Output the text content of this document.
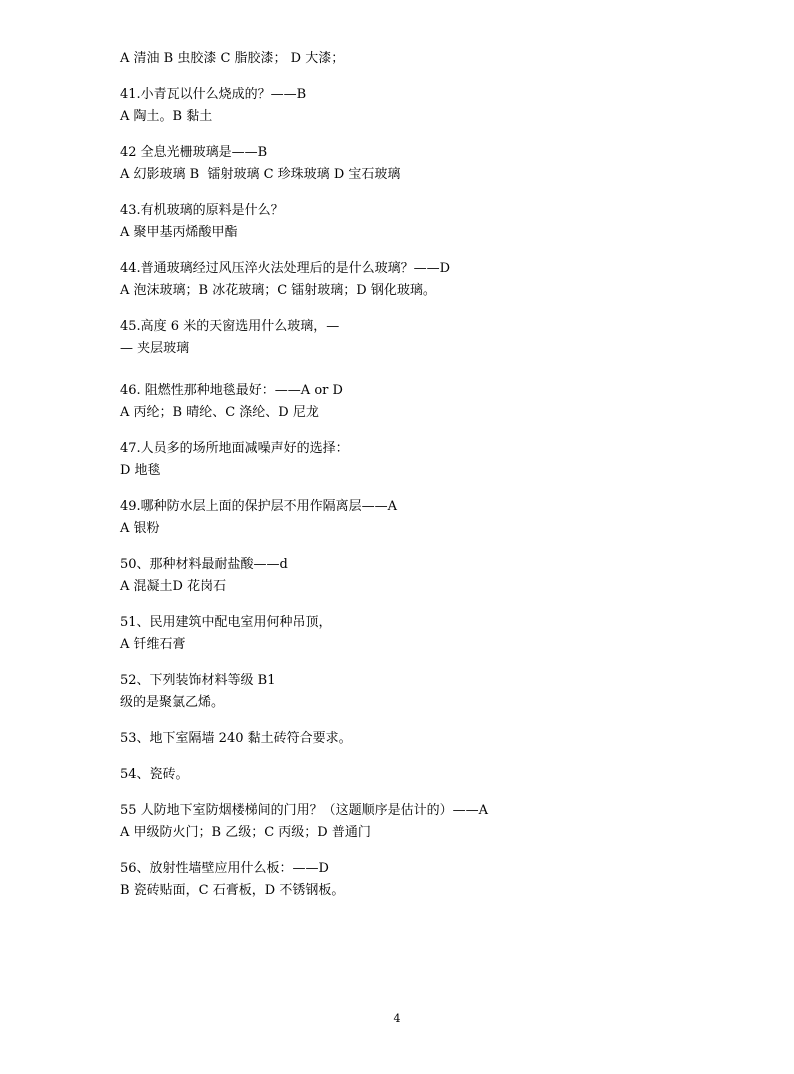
A 清油 B 虫胶漆 C 脂胶漆； D 大漆；
41.小青瓦以什么烧成的？——B
A 陶土。B 黏土
42 全息光栅玻璃是——B
A 幻影玻璃 B  镭射玻璃 C 珍珠玻璃 D 宝石玻璃
43.有机玻璃的原料是什么？
A 聚甲基丙烯酸甲酯
44.普通玻璃经过风压淬火法处理后的是什么玻璃？——D
A 泡沫玻璃；B 冰花玻璃；C 镭射玻璃；D 钢化玻璃。
45.高度 6 米的天窗选用什么玻璃，—
— 夹层玻璃
46. 阻燃性那种地毯最好：——A or D
A 丙纶；B 晴纶、C 涤纶、D 尼龙
47.人员多的场所地面减噪声好的选择：
D 地毯
49.哪种防水层上面的保护层不用作隔离层——A
A 银粉
50、那种材料最耐盐酸——d
A 混凝土D 花岗石
51、民用建筑中配电室用何种吊顶，
A 钎维石膏
52、下列装饰材料等级 B1
级的是聚氯乙烯。
53、地下室隔墙 240 黏土砖符合要求。
54、瓷砖。
55 人防地下室防烟楼梯间的门用？（这题顺序是估计的）——A
A 甲级防火门；B 乙级；C 丙级；D 普通门
56、放射性墙壁应用什么板：——D
B 瓷砖贴面，C 石膏板，D 不锈钢板。
4
